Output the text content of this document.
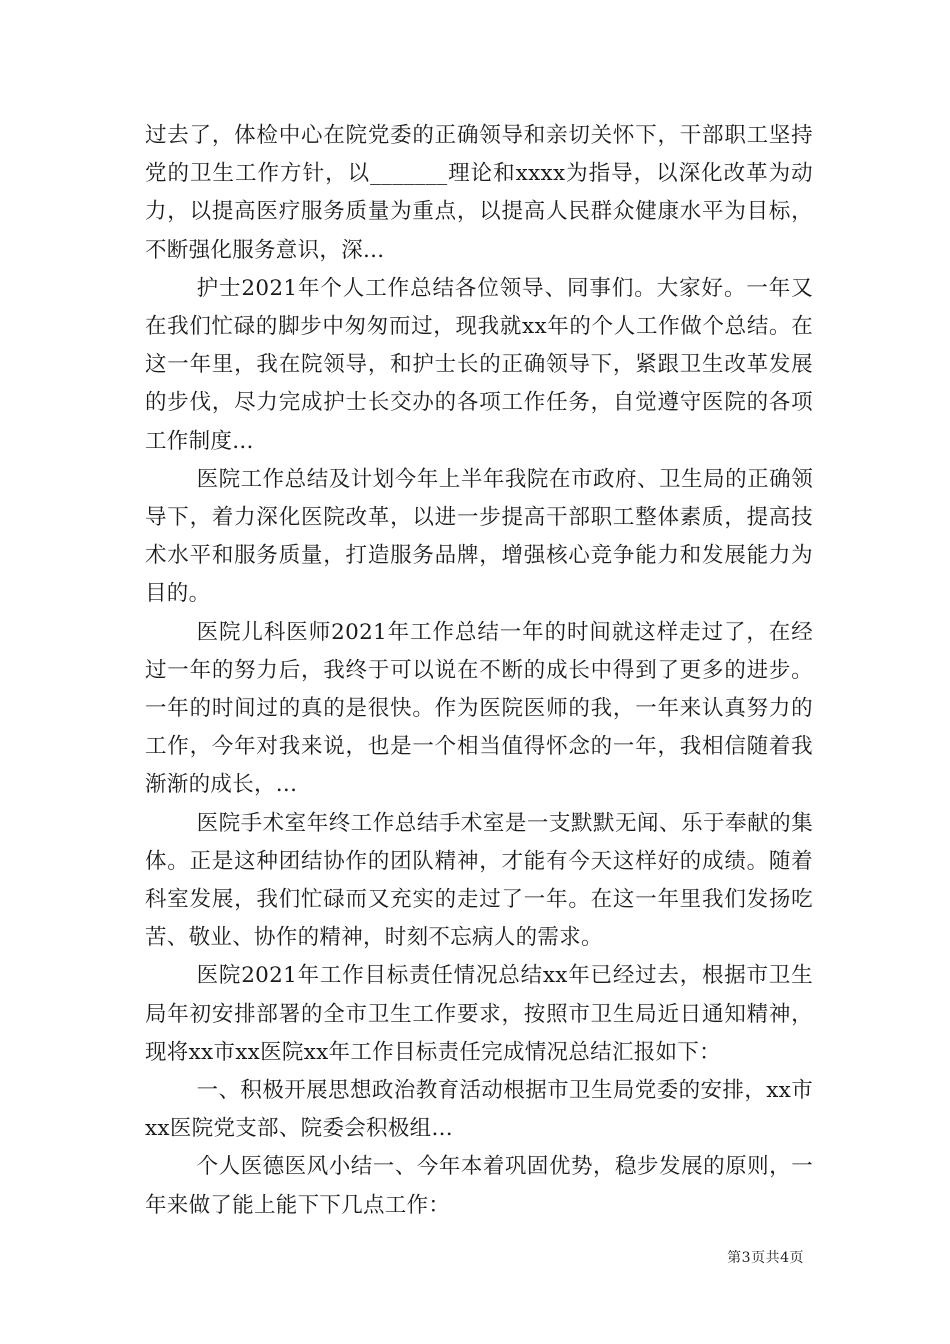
过去了，体检中心在院党委的正确领导和亲切关怀下，干部职工坚持党的卫生工作方针，以_______理论和xxxx为指导，以深化改革为动力，以提高医疗服务质量为重点，以提高人民群众健康水平为目标，不断强化服务意识，深...

护士2021年个人工作总结各位领导、同事们。大家好。一年又在我们忙碌的脚步中匆匆而过，现我就xx年的个人工作做个总结。在这一年里，我在院领导，和护士长的正确领导下，紧跟卫生改革发展的步伐，尽力完成护士长交办的各项工作任务，自觉遵守医院的各项工作制度...

医院工作总结及计划今年上半年我院在市政府、卫生局的正确领导下，着力深化医院改革，以进一步提高干部职工整体素质，提高技术水平和服务质量，打造服务品牌，增强核心竞争能力和发展能力为目的。

医院儿科医师2021年工作总结一年的时间就这样走过了，在经过一年的努力后，我终于可以说在不断的成长中得到了更多的进步。一年的时间过的真的是很快。作为医院医师的我，一年来认真努力的工作，今年对我来说，也是一个相当值得怀念的一年，我相信随着我渐渐的成长，...

医院手术室年终工作总结手术室是一支默默无闻、乐于奉献的集体。正是这种团结协作的团队精神，才能有今天这样好的成绩。随着科室发展，我们忙碌而又充实的走过了一年。在这一年里我们发扬吃苦、敬业、协作的精神，时刻不忘病人的需求。

医院2021年工作目标责任情况总结xx年已经过去，根据市卫生局年初安排部署的全市卫生工作要求，按照市卫生局近日通知精神，现将xx市xx医院xx年工作目标责任完成情况总结汇报如下：

一、积极开展思想政治教育活动根据市卫生局党委的安排，xx市xx医院党支部、院委会积极组...

个人医德医风小结一、今年本着巩固优势，稳步发展的原则，一年来做了能上能下下几点工作：

第3页共4页
